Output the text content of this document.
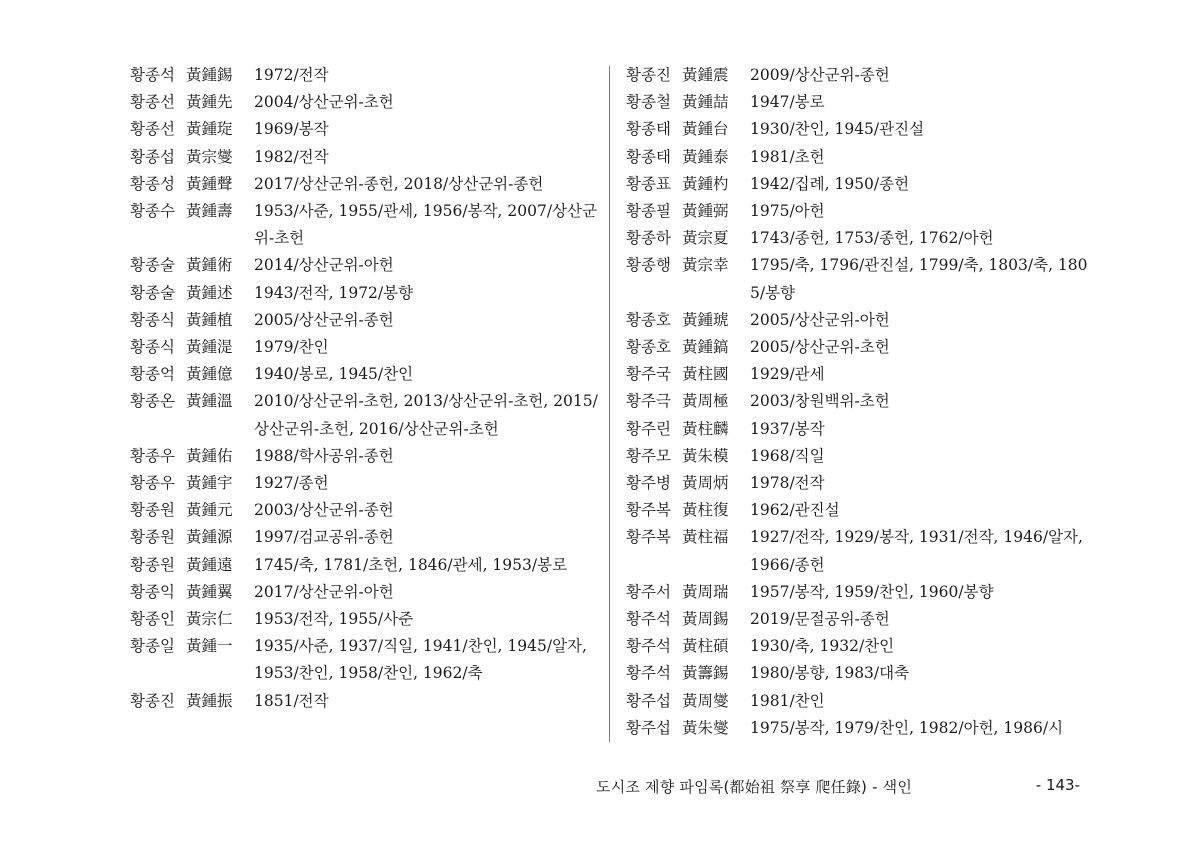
황종석 黃鍾錫	1972/전작
황종선 黃鍾先	2004/상산군위-초헌
황종선 黃鍾琁	1969/봉작
황종섭 黃宗燮	1982/전작
황종성 黃鍾聲	2017/상산군위-종헌, 2018/상산군위-종헌
황종수 黃鍾壽	1953/사준, 1955/관세, 1956/봉작, 2007/상산군위-초헌
황종술 黃鍾術	2014/상산군위-아헌
황종술 黃鍾述	1943/전작, 1972/봉향
황종식 黃鍾植	2005/상산군위-종헌
황종식 黃鍾湜	1979/찬인
황종억 黃鍾億	1940/봉로, 1945/찬인
황종온 黃鍾溫	2010/상산군위-초헌, 2013/상산군위-초헌, 2015/상산군위-초헌, 2016/상산군위-초헌
황종우 黃鍾佑	1988/학사공위-종헌
황종우 黃鍾宇	1927/종헌
황종원 黃鍾元	2003/상산군위-종헌
황종원 黃鍾源	1997/검교공위-종헌
황종원 黃鍾遠	1745/축, 1781/초헌, 1846/관세, 1953/봉로
황종익 黃鍾翼	2017/상산군위-아헌
황종인 黃宗仁	1953/전작, 1955/사준
황종일 黃鍾一	1935/사준, 1937/직일, 1941/찬인, 1945/알자, 1953/찬인, 1958/찬인, 1962/축
황종진 黃鍾振	1851/전작
황종진 黃鍾震	2009/상산군위-종헌
황종철 黃鍾喆	1947/봉로
황종태 黃鍾台	1930/찬인, 1945/관진설
황종태 黃鍾泰	1981/초헌
황종표 黃鍾杓	1942/집례, 1950/종헌
황종필 黃鍾弼	1975/아헌
황종하 黃宗夏	1743/종헌, 1753/종헌, 1762/아헌
황종행 黃宗幸	1795/축, 1796/관진설, 1799/축, 1803/축, 1805/봉향
황종호 黃鍾琥	2005/상산군위-아헌
황종호 黃鍾鎬	2005/상산군위-초헌
황주국 黃柱國	1929/관세
황주극 黃周極	2003/창원백위-초헌
황주린 黃柱麟	1937/봉작
황주모 黃朱模	1968/직일
황주병 黃周炳	1978/전작
황주복 黃柱復	1962/관진설
황주복 黃柱福	1927/전작, 1929/봉작, 1931/전작, 1946/알자, 1966/종헌
황주서 黃周瑞	1957/봉작, 1959/찬인, 1960/봉향
황주석 黃周錫	2019/문절공위-종헌
황주석 黃柱碩	1930/축, 1932/찬인
황주석 黃籌錫	1980/봉향, 1983/대축
황주섭 黃周燮	1981/찬인
황주섭 黃朱燮	1975/봉작, 1979/찬인, 1982/아헌, 1986/시
도시조 제향 파임록(都始祖 祭享 爬任錄) - 색인	- 143-
